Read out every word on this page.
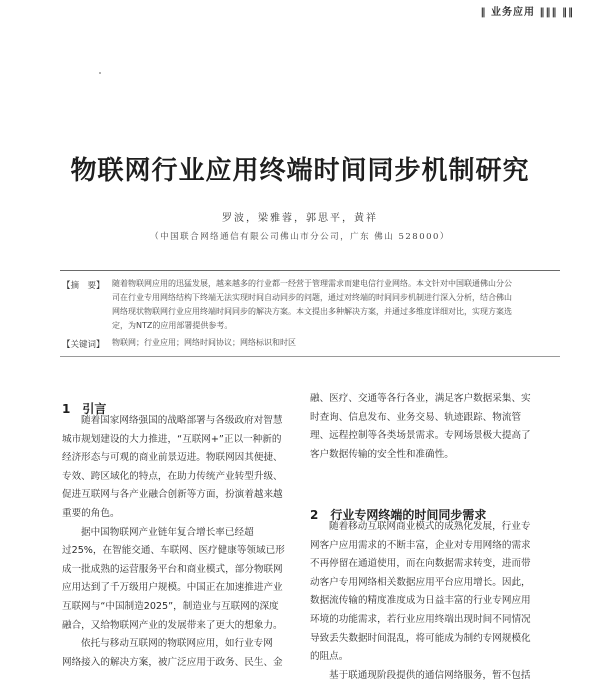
‖ 业务应用 ‖‖‖ ‖‖
物联网行业应用终端时间同步机制研究
罗波，梁雅蓉，郭思平，黄祥
（中国联合网络通信有限公司佛山市分公司，广东 佛山 528000）
【摘　要】 随着物联网应用的迅猛发展，越来越多的行业都一经营于管理需求而建电信行业网络。本文针对中国联通佛山分公
司在行业专用网络结构下终端无法实现时间自动同步的问题，通过对终端的时间同步机制进行深入分析，结合佛山
网络现状物联网行业应用终端时间同步的解决方案。本文提出多种解决方案，并通过多维度详细对比，实现方案选
定，为NTZ的应用部署提供参考。
【关键词】 物联网；行业应用；网络时间协议；网络标识和时区
1　引言
随着国家网络强国的战略部署与各级政府对智慧
城市规划建设的大力推进，“互联网+”正以一种新的
经济形态与可观的商业前景迈进。物联网因其便捷、
专效、跨区域化的特点，在助力传统产业转型升级、
促进互联网与各产业融合创新等方面，扮演着越来越
重要的角色。
据中国物联网产业链年复合增长率已经超
过25%，在智能交通、车联网、医疗健康等领域已形
成一批成熟的运营服务平台和商业模式，部分物联网
应用达到了千万级用户规模。中国正在加速推进产业
互联网与“中国制造2025”，制造业与互联网的深度
融合，又给物联网产业的发展带来了更大的想象力。
依托与移动互联网的物联网应用，如行业专网
网络接入的解决方案，被广泛应用于政务、民生、金
融、医疗、交通等各行各业，满足客户数据采集、实
时查询、信息发布、业务交易、轨迹跟踪、物流管
理、远程控制等各类场景需求。专网场景极大提高了
客户数据传输的安全性和准确性。
2　行业专网终端的时间同步需求
随着移动互联网商业模式的成熟化发展，行业专
网客户应用需求的不断丰富，企业对专用网络的需求
不再停留在通道使用，而在向数据需求转变，进而带
动客户专用网络相关数据应用平台应用增长。因此，
数据流传输的精度准度成为日益丰富的行业专网应用
环境的功能需求，若行业应用终端出现时间不同情况
导致丢失数据时间混乱，将可能成为制约专网规模化
的阻点。
基于联通现阶段提供的通信网络服务，暂不包括
